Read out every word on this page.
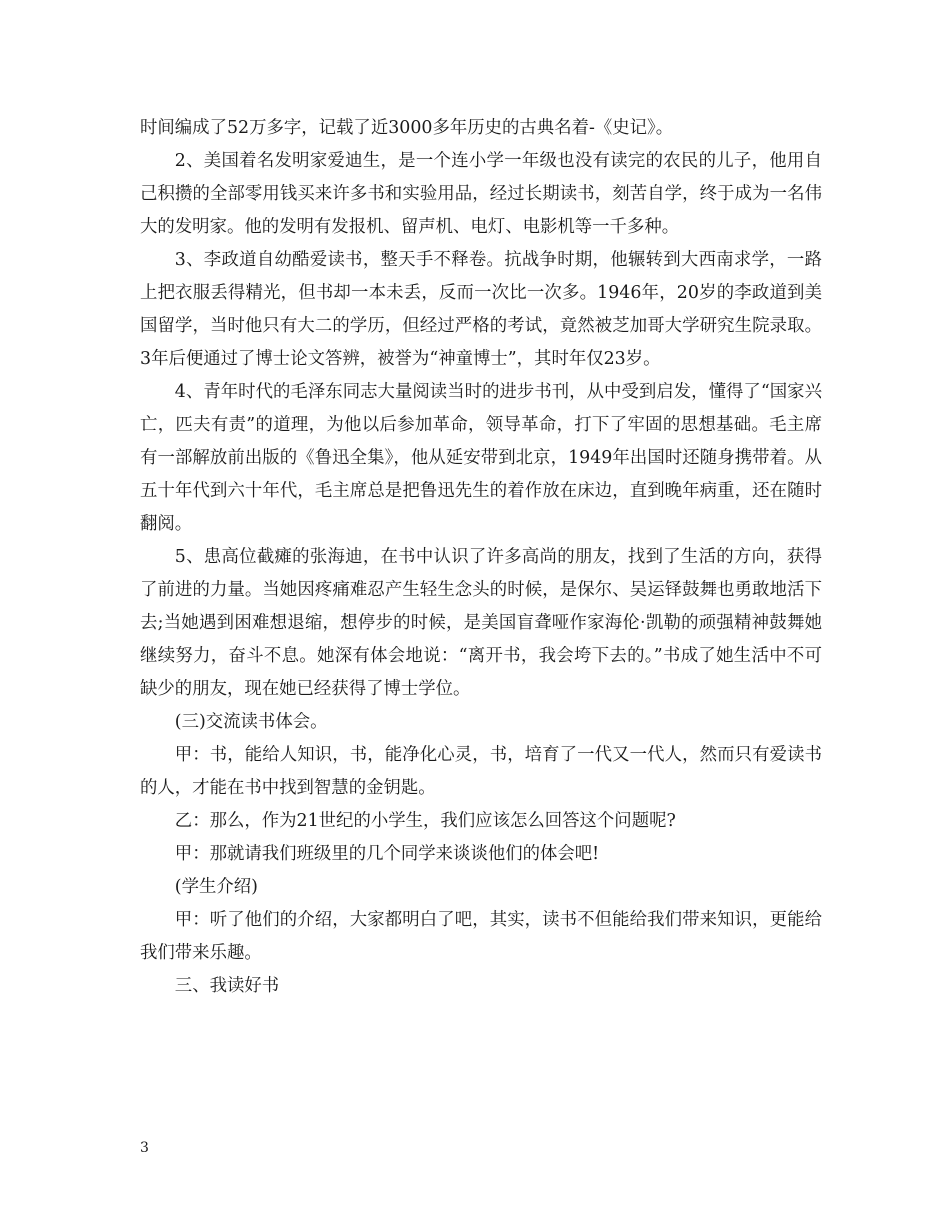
时间编成了52万多字，记载了近3000多年历史的古典名着-《史记》。

2、美国着名发明家爱迪生，是一个连小学一年级也没有读完的农民的儿子，他用自己积攒的全部零用钱买来许多书和实验用品，经过长期读书，刻苦自学，终于成为一名伟大的发明家。他的发明有发报机、留声机、电灯、电影机等一千多种。

3、李政道自幼酷爱读书，整天手不释卷。抗战争时期，他辗转到大西南求学，一路上把衣服丢得精光，但书却一本未丢，反而一次比一次多。1946年，20岁的李政道到美国留学，当时他只有大二的学历，但经过严格的考试，竟然被芝加哥大学研究生院录取。3年后便通过了博士论文答辨，被誉为“神童博士”，其时年仅23岁。

4、青年时代的毛泽东同志大量阅读当时的进步书刊，从中受到启发，懂得了“国家兴亡，匹夫有责”的道理，为他以后参加革命，领导革命，打下了牢固的思想基础。毛主席有一部解放前出版的《鲁迅全集》，他从延安带到北京，1949年出国时还随身携带着。从五十年代到六十年代，毛主席总是把鲁迅先生的着作放在床边，直到晚年病重，还在随时翻阅。

5、患高位截瘫的张海迪，在书中认识了许多高尚的朋友，找到了生活的方向，获得了前进的力量。当她因疼痛难忍产生轻生念头的时候，是保尔、吴运铎鼓舞也勇敢地活下去;当她遇到困难想退缩，想停步的时候，是美国盲聋哑作家海伦·凯勒的顽强精神鼓舞她继续努力，奋斗不息。她深有体会地说：“离开书，我会垮下去的。”书成了她生活中不可缺少的朋友，现在她已经获得了博士学位。

(三)交流读书体会。

甲：书，能给人知识，书，能净化心灵，书，培育了一代又一代人，然而只有爱读书的人，才能在书中找到智慧的金钥匙。

乙：那么，作为21世纪的小学生，我们应该怎么回答这个问题呢?

甲：那就请我们班级里的几个同学来谈谈他们的体会吧!

(学生介绍)

甲：听了他们的介绍，大家都明白了吧，其实，读书不但能给我们带来知识，更能给我们带来乐趣。

三、我读好书

3
